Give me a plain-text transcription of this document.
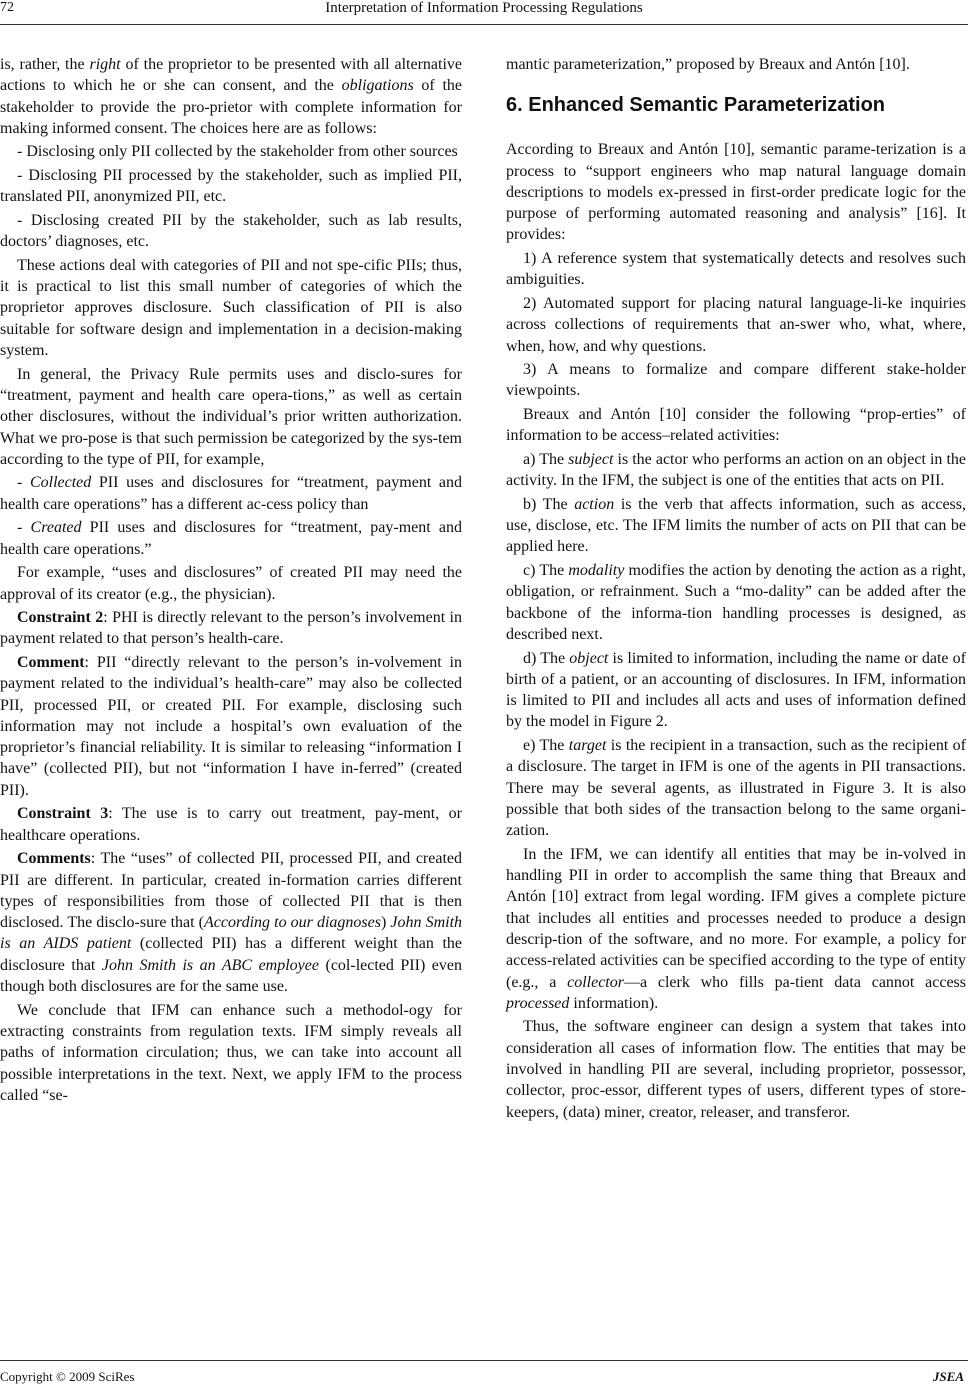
72	Interpretation of Information Processing Regulations

is, rather, the right of the proprietor to be presented with all alternative actions to which he or she can consent, and the obligations of the stakeholder to provide the pro-prietor with complete information for making informed consent. The choices here are as follows:

- Disclosing only PII collected by the stakeholder from other sources

- Disclosing PII processed by the stakeholder, such as implied PII, translated PII, anonymized PII, etc.

- Disclosing created PII by the stakeholder, such as lab results, doctors’ diagnoses, etc.

These actions deal with categories of PII and not spe-cific PIIs; thus, it is practical to list this small number of categories of which the proprietor approves disclosure. Such classification of PII is also suitable for software design and implementation in a decision-making system.

In general, the Privacy Rule permits uses and disclo-sures for “treatment, payment and health care opera-tions,” as well as certain other disclosures, without the individual’s prior written authorization. What we pro-pose is that such permission be categorized by the sys-tem according to the type of PII, for example,

- Collected PII uses and disclosures for “treatment, payment and health care operations” has a different ac-cess policy than

- Created PII uses and disclosures for “treatment, pay-ment and health care operations.”

For example, “uses and disclosures” of created PII may need the approval of its creator (e.g., the physician).

Constraint 2: PHI is directly relevant to the person’s involvement in payment related to that person’s health-care.

Comment: PII “directly relevant to the person’s in-volvement in payment related to the individual’s health-care” may also be collected PII, processed PII, or created PII. For example, disclosing such information may not include a hospital’s own evaluation of the proprietor’s financial reliability. It is similar to releasing “information I have” (collected PII), but not “information I have in-ferred” (created PII).

Constraint 3: The use is to carry out treatment, pay-ment, or healthcare operations.

Comments: The “uses” of collected PII, processed PII, and created PII are different. In particular, created in-formation carries different types of responsibilities from those of collected PII that is then disclosed. The disclo-sure that (According to our diagnoses) John Smith is an AIDS patient (collected PII) has a different weight than the disclosure that John Smith is an ABC employee (col-lected PII) even though both disclosures are for the same use.

We conclude that IFM can enhance such a methodol-ogy for extracting constraints from regulation texts. IFM simply reveals all paths of information circulation; thus, we can take into account all possible interpretations in the text. Next, we apply IFM to the process called “se-

mantic parameterization,” proposed by Breaux and Antón [10].

6. Enhanced Semantic Parameterization

According to Breaux and Antón [10], semantic parame-terization is a process to “support engineers who map natural language domain descriptions to models ex-pressed in first-order predicate logic for the purpose of performing automated reasoning and analysis” [16]. It provides:

1) A reference system that systematically detects and resolves such ambiguities.

2) Automated support for placing natural language-li-ke inquiries across collections of requirements that an-swer who, what, where, when, how, and why questions.

3) A means to formalize and compare different stake-holder viewpoints.

Breaux and Antón [10] consider the following “prop-erties” of information to be access–related activities:

a) The subject is the actor who performs an action on an object in the activity. In the IFM, the subject is one of the entities that acts on PII.

b) The action is the verb that affects information, such as access, use, disclose, etc. The IFM limits the number of acts on PII that can be applied here.

c) The modality modifies the action by denoting the action as a right, obligation, or refrainment. Such a “mo-dality” can be added after the backbone of the informa-tion handling processes is designed, as described next.

d) The object is limited to information, including the name or date of birth of a patient, or an accounting of disclosures. In IFM, information is limited to PII and includes all acts and uses of information defined by the model in Figure 2.

e) The target is the recipient in a transaction, such as the recipient of a disclosure. The target in IFM is one of the agents in PII transactions. There may be several agents, as illustrated in Figure 3. It is also possible that both sides of the transaction belong to the same organi-zation.

In the IFM, we can identify all entities that may be in-volved in handling PII in order to accomplish the same thing that Breaux and Antón [10] extract from legal wording. IFM gives a complete picture that includes all entities and processes needed to produce a design descrip-tion of the software, and no more. For example, a policy for access-related activities can be specified according to the type of entity (e.g., a collector—a clerk who fills pa-tient data cannot access processed information).

Thus, the software engineer can design a system that takes into consideration all cases of information flow. The entities that may be involved in handling PII are several, including proprietor, possessor, collector, proc-essor, different types of users, different types of store-keepers, (data) miner, creator, releaser, and transferor.

Copyright © 2009 SciRes	JSEA
